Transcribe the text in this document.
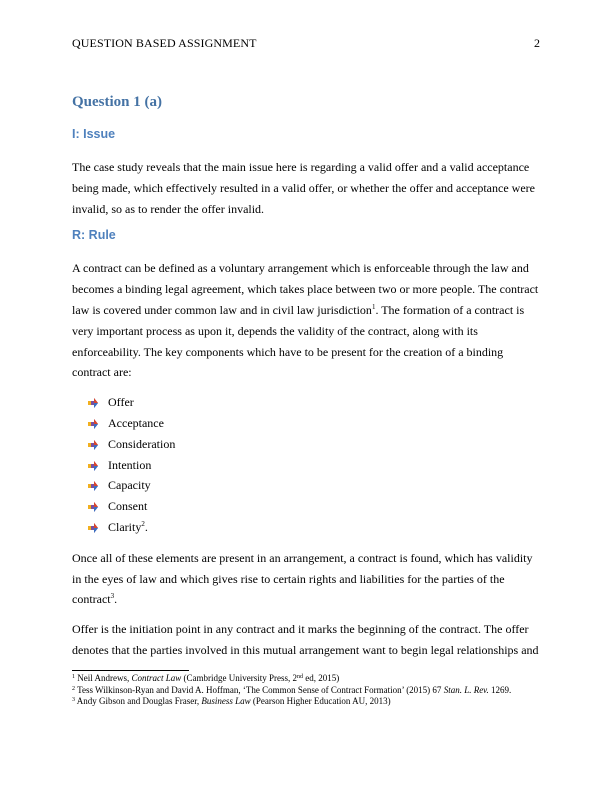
QUESTION BASED ASSIGNMENT	2
Question 1 (a)
I: Issue

The case study reveals that the main issue here is regarding a valid offer and a valid acceptance being made, which effectively resulted in a valid offer, or whether the offer and acceptance were invalid, so as to render the offer invalid.

R: Rule

A contract can be defined as a voluntary arrangement which is enforceable through the law and becomes a binding legal agreement, which takes place between two or more people. The contract law is covered under common law and in civil law jurisdiction$^1$. The formation of a contract is very important process as upon it, depends the validity of the contract, along with its enforceability. The key components which have to be present for the creation of a binding contract are:

Offer
Acceptance
Consideration
Intention
Capacity
Consent
Clarity$^2$.

Once all of these elements are present in an arrangement, a contract is found, which has validity in the eyes of law and which gives rise to certain rights and liabilities for the parties of the contract$^3$.

Offer is the initiation point in any contract and it marks the beginning of the contract. The offer denotes that the parties involved in this mutual arrangement want to begin legal relationships and

$^1$ Neil Andrews, Contract Law (Cambridge University Press, 2nd ed, 2015)
$^2$ Tess Wilkinson-Ryan and David A. Hoffman, ‘The Common Sense of Contract Formation’ (2015) 67 Stan. L. Rev. 1269.
$^3$ Andy Gibson and Douglas Fraser, Business Law (Pearson Higher Education AU, 2013)
